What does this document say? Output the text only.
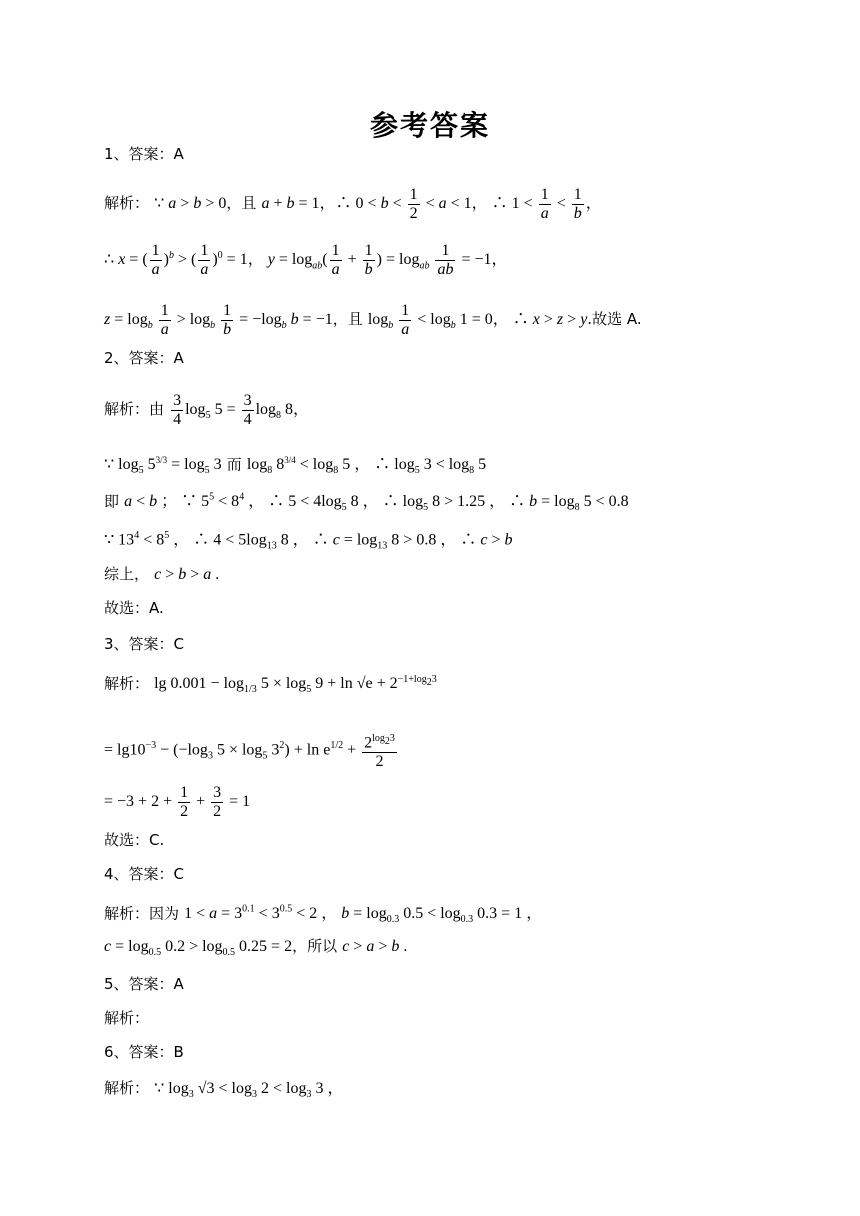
参考答案
1、答案：A
解析： ∵ a > b > 0，且 a + b = 1，∴ $0 < b < \frac{1}{2} < a < 1$， ∴ $1 < \frac{1}{a} < \frac{1}{b}$ ，
∴ x = ( $\frac{1}{a} )^b$ > ( $\frac{1}{a} )^0 = 1$， $y = \log_{ab}( \frac{1}{a} + \frac{1}{b}$ ) = $\log_{ab} \frac{1}{ab} = -1$，
$z = \log_b \frac{1}{a} > \log_b \frac{1}{b} = -\log_b$ b = −1，且 $\log_b \frac{1}{a} < \log_b 1 = 0$， ∴ x > z > y.故选 A.
2、答案：A
解析：由 $\frac{3}{4} \log_5 5 = \frac{3}{4} \log_8 8$，
∵ $\log_5 5^{3/3} = \log_5 3$ 而 $\log_8 8^{3/4} < \log_8 5$ ， ∴ $\log_5 3 < \log_8 5$
即 a < b ； ∵ $5^5 < 8^4$ ， ∴ $5 < 4\log_5$ 8 ， ∴ $\log_5 8 > 1.25$ ， ∴ $b = \log_8 5 < 0.8$
∵ $13^4 < 8^5$ ， ∴ $4 < 5\log_{13}$ 8 ， ∴ $c = \log_{13} 8 > 0.8$ ， ∴ c > b
综上， c > b > a .
故选：A.
3、答案：C
解析： $\lg 0.001 - \log_{1/3} 5 \times \log_5 9 + \ln √e + 2^{-1+log_23}$
= $\lg 10^{-3} - (-\log_3$ $5 \times \log_5 3^2) + \ln e^{1/2} + \frac{2^{log_23}}{2}$
= $-3 + 2 + \frac{1}{2} + \frac{3}{2} = 1$
故选：C.
4、答案：C
解析：因为 $1 < a = 3^{0.1} < 3^{0.5} < 2$ ， $b = \log_{0.3} 0.5 < \log_{0.3} 0.3 = 1$ ，
$c = \log_{0.5} 0.2 > \log_{0.5} 0.25 = 2$，所以 c > a > b .
5、答案：A
解析：
6、答案：B
解析： ∵ $\log_3 √3 < \log_3 2 < \log_3 3$ ，
